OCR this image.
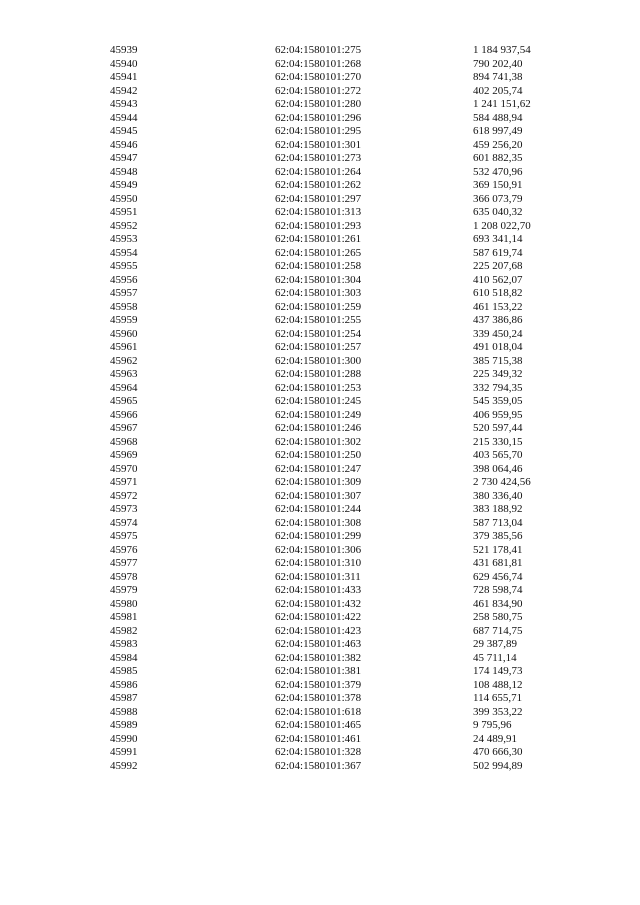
45939	62:04:1580101:275	1 184 937,54
45940	62:04:1580101:268	790 202,40
45941	62:04:1580101:270	894 741,38
45942	62:04:1580101:272	402 205,74
45943	62:04:1580101:280	1 241 151,62
45944	62:04:1580101:296	584 488,94
45945	62:04:1580101:295	618 997,49
45946	62:04:1580101:301	459 256,20
45947	62:04:1580101:273	601 882,35
45948	62:04:1580101:264	532 470,96
45949	62:04:1580101:262	369 150,91
45950	62:04:1580101:297	366 073,79
45951	62:04:1580101:313	635 040,32
45952	62:04:1580101:293	1 208 022,70
45953	62:04:1580101:261	693 341,14
45954	62:04:1580101:265	587 619,74
45955	62:04:1580101:258	225 207,68
45956	62:04:1580101:304	410 562,07
45957	62:04:1580101:303	610 518,82
45958	62:04:1580101:259	461 153,22
45959	62:04:1580101:255	437 386,86
45960	62:04:1580101:254	339 450,24
45961	62:04:1580101:257	491 018,04
45962	62:04:1580101:300	385 715,38
45963	62:04:1580101:288	225 349,32
45964	62:04:1580101:253	332 794,35
45965	62:04:1580101:245	545 359,05
45966	62:04:1580101:249	406 959,95
45967	62:04:1580101:246	520 597,44
45968	62:04:1580101:302	215 330,15
45969	62:04:1580101:250	403 565,70
45970	62:04:1580101:247	398 064,46
45971	62:04:1580101:309	2 730 424,56
45972	62:04:1580101:307	380 336,40
45973	62:04:1580101:244	383 188,92
45974	62:04:1580101:308	587 713,04
45975	62:04:1580101:299	379 385,56
45976	62:04:1580101:306	521 178,41
45977	62:04:1580101:310	431 681,81
45978	62:04:1580101:311	629 456,74
45979	62:04:1580101:433	728 598,74
45980	62:04:1580101:432	461 834,90
45981	62:04:1580101:422	258 580,75
45982	62:04:1580101:423	687 714,75
45983	62:04:1580101:463	29 387,89
45984	62:04:1580101:382	45 711,14
45985	62:04:1580101:381	174 149,73
45986	62:04:1580101:379	108 488,12
45987	62:04:1580101:378	114 655,71
45988	62:04:1580101:618	399 353,22
45989	62:04:1580101:465	9 795,96
45990	62:04:1580101:461	24 489,91
45991	62:04:1580101:328	470 666,30
45992	62:04:1580101:367	502 994,89
